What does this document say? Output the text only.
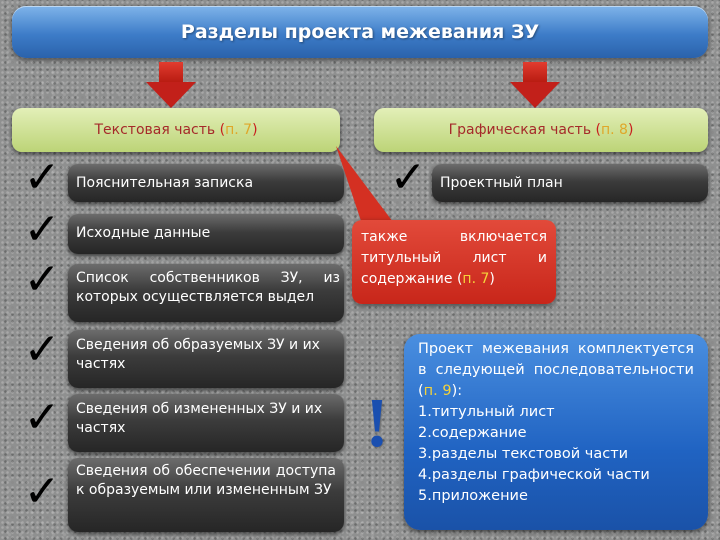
Разделы проекта межевания ЗУ
Текстовая часть (п. 7)	Графическая часть (п. 8)
✓
✓
✓
✓
✓
✓
✓
Пояснительная записка
Исходные данные
Список собственников ЗУ, из которых осуществляется выдел
Сведения об образуемых ЗУ и их частях
Сведения об измененных ЗУ и их частях
Сведения об обеспечении доступа к образуемым или измененным ЗУ
Проектный план
также включается титульный лист и содержание (п. 7)
!
Проект межевания комплектуется в следующей последовательности (п. 9):
1.титульный лист
2.содержание
3.разделы текстовой части
4.разделы графической части
5.приложение
